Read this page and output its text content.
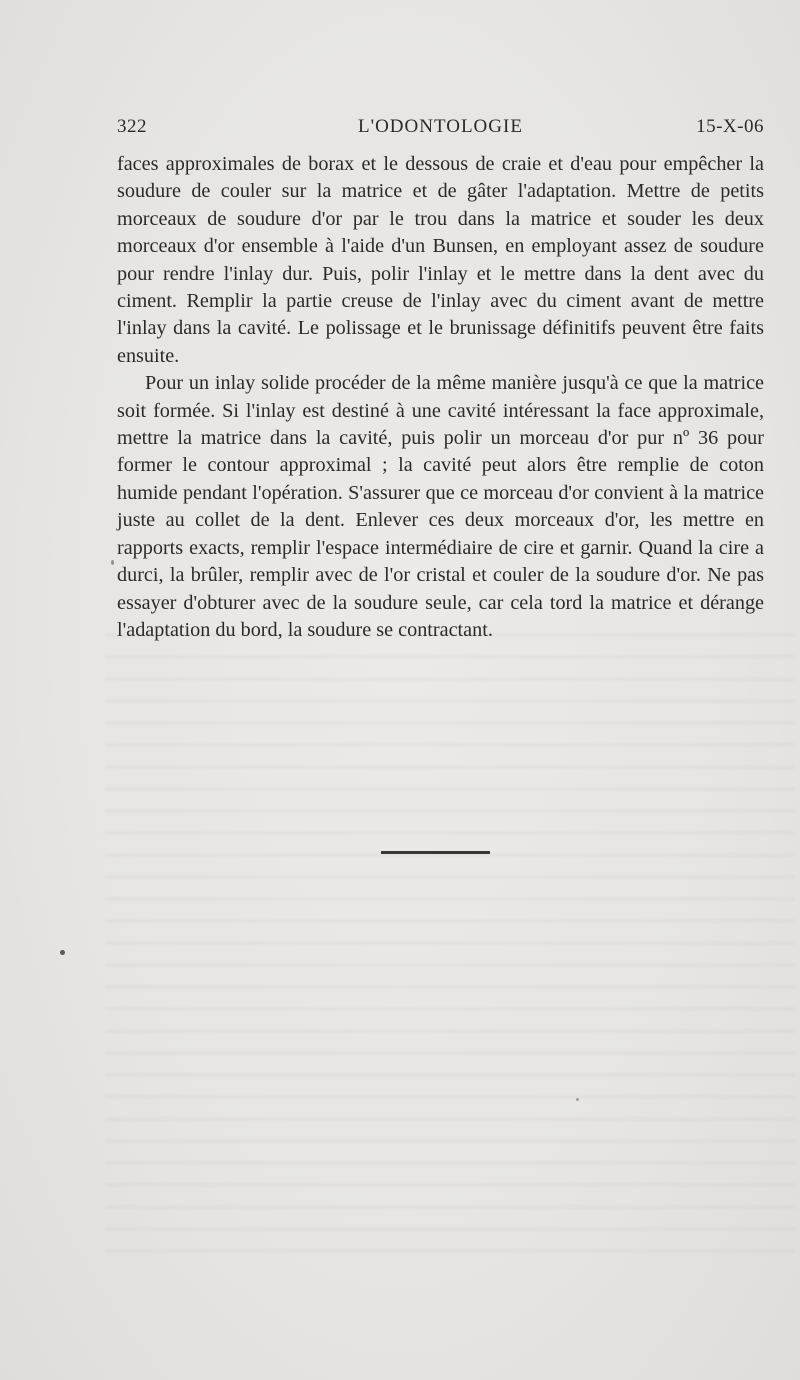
322	L'ODONTOLOGIE	15-X-06

faces approximales de borax et le dessous de craie et d'eau pour empêcher la soudure de couler sur la matrice et de gâter l'adaptation. Mettre de petits morceaux de soudure d'or par le trou dans la matrice et souder les deux morceaux d'or ensemble à l'aide d'un Bunsen, en employant assez de soudure pour rendre l'inlay dur. Puis, polir l'inlay et le mettre dans la dent avec du ciment. Remplir la partie creuse de l'inlay avec du ciment avant de mettre l'inlay dans la cavité. Le polissage et le brunissage définitifs peuvent être faits ensuite.

Pour un inlay solide procéder de la même manière jusqu'à ce que la matrice soit formée. Si l'inlay est destiné à une cavité intéressant la face approximale, mettre la matrice dans la cavité, puis polir un morceau d'or pur nº 36 pour former le contour approximal ; la cavité peut alors être remplie de coton humide pendant l'opération. S'assurer que ce morceau d'or convient à la matrice juste au collet de la dent. Enlever ces deux morceaux d'or, les mettre en rapports exacts, remplir l'espace intermédiaire de cire et garnir. Quand la cire a durci, la brûler, remplir avec de l'or cristal et couler de la soudure d'or. Ne pas essayer d'obturer avec de la soudure seule, car cela tord la matrice et dérange l'adaptation du bord, la soudure se contractant.
